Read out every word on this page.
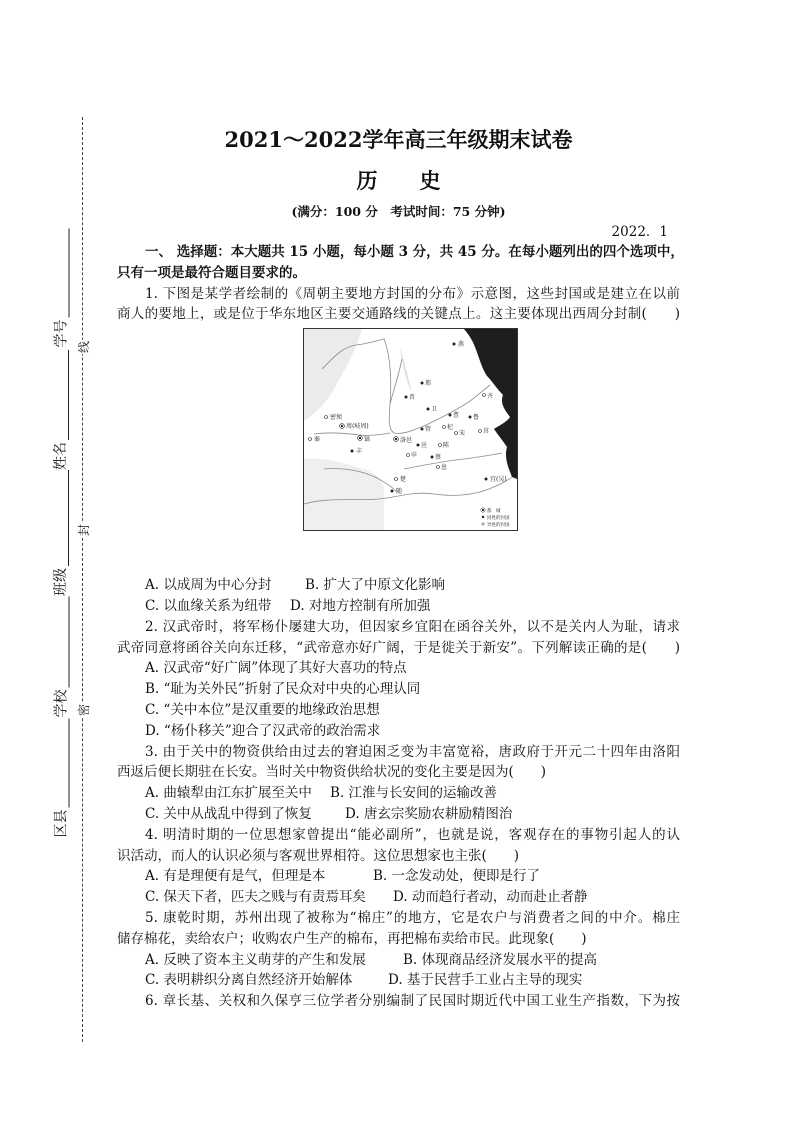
线
封
密
学号
姓名
班级
学校
区县
2021～2022学年高三年级期末试卷
历　　史
(满分：100 分　考试时间：75 分钟)
2022．1
一、 选择题：本大题共 15 小题，每小题 3 分，共 45 分。在每小题列出的四个选项中，
只有一项是最符合题目要求的。
1. 下图是某学者绘制的《周朝主要地方封国的分布》示意图，这些封国或是建立在以前
商人的要地上，或是位于华东地区主要交通路线的关键点上。这主要体现出西周分封制(　　)
燕
邢
晋
卫
齐
鲁
曹
莒
宋
杞
陈
蔡
息
管
应
申
密须
周(岐周)
秦	镐
丰
洛邑
楚
随
宜(吴)
都　城
同姓的封国
异姓的封国
A. 以成周为中心分封 B. 扩大了中原文化影响
C. 以血缘关系为纽带 D. 对地方控制有所加强
2. 汉武帝时，将军杨仆屡建大功，但因家乡宜阳在函谷关外，以不是关内人为耻，请求
武帝同意将函谷关向东迁移，“武帝意亦好广阔，于是徙关于新安”。下列解读正确的是(　　)
A. 汉武帝“好广阔”体现了其好大喜功的特点
B. “耻为关外民”折射了民众对中央的心理认同
C. “关中本位”是汉重要的地缘政治思想
D. “杨仆移关”迎合了汉武帝的政治需求
3. 由于关中的物资供给由过去的窘迫困乏变为丰富宽裕，唐政府于开元二十四年由洛阳
西返后便长期驻在长安。当时关中物资供给状况的变化主要是因为(　　)
A. 曲辕犁由江东扩展至关中 B. 江淮与长安间的运输改善
C. 关中从战乱中得到了恢复 D. 唐玄宗奖励农耕励精图治
4. 明清时期的一位思想家曾提出“能必副所”，也就是说，客观存在的事物引起人的认
识活动，而人的认识必须与客观世界相符。这位思想家也主张(　　)
A. 有是理便有是气，但理是本	B. 一念发动处，便即是行了
C. 保天下者，匹夫之贱与有责焉耳矣 D. 动而趋行者动，动而赴止者静
5. 康乾时期，苏州出现了被称为“棉庄”的地方，它是农户与消费者之间的中介。棉庄
储存棉花，卖给农户；收购农户生产的棉布，再把棉布卖给市民。此现象(　　)
A. 反映了资本主义萌芽的产生和发展	B. 体现商品经济发展水平的提高
C. 表明耕织分离自然经济开始解体	D. 基于民营手工业占主导的现实
6. 章长基、关权和久保亨三位学者分别编制了民国时期近代中国工业生产指数，下为按
